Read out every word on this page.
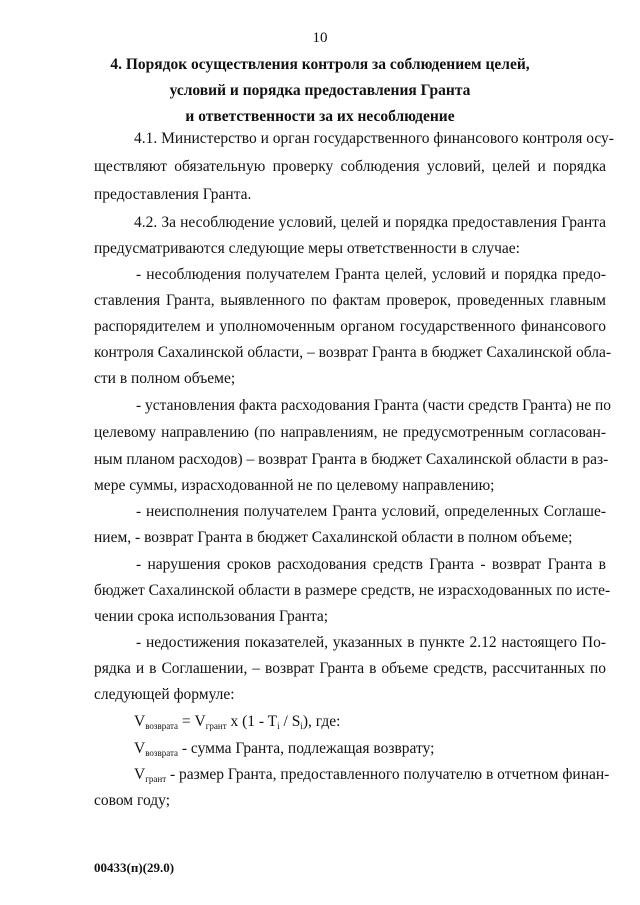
10
4. Порядок осуществления контроля за соблюдением целей,
условий и порядка предоставления Гранта
и ответственности за их несоблюдение
4.1. Министерство и орган государственного финансового контроля осу-
ществляют обязательную проверку соблюдения условий, целей и порядка
предоставления Гранта.
4.2. За несоблюдение условий, целей и порядка предоставления Гранта
предусматриваются следующие меры ответственности в случае:
- несоблюдения получателем Гранта целей, условий и порядка предо-
ставления Гранта, выявленного по фактам проверок, проведенных главным
распорядителем и уполномоченным органом государственного финансового
контроля Сахалинской области, – возврат Гранта в бюджет Сахалинской обла-
сти в полном объеме;
- установления факта расходования Гранта (части средств Гранта) не по
целевому направлению (по направлениям, не предусмотренным согласован-
ным планом расходов) – возврат Гранта в бюджет Сахалинской области в раз-
мере суммы, израсходованной не по целевому направлению;
- неисполнения получателем Гранта условий, определенных Соглаше-
нием, - возврат Гранта в бюджет Сахалинской области в полном объеме;
- нарушения сроков расходования средств Гранта - возврат Гранта в
бюджет Сахалинской области в размере средств, не израсходованных по исте-
чении срока использования Гранта;
- недостижения показателей, указанных в пункте 2.12 настоящего По-
рядка и в Соглашении, – возврат Гранта в объеме средств, рассчитанных по
следующей формуле:
$V_{возврата} = V_{грант}$ x $(1 - T_i / S_i)$, где:
$V_{возврата}$ - сумма Гранта, подлежащая возврату;
$V_{грант}$ - размер Гранта, предоставленного получателю в отчетном финан-
совом году;
00433(п)(29.0)
